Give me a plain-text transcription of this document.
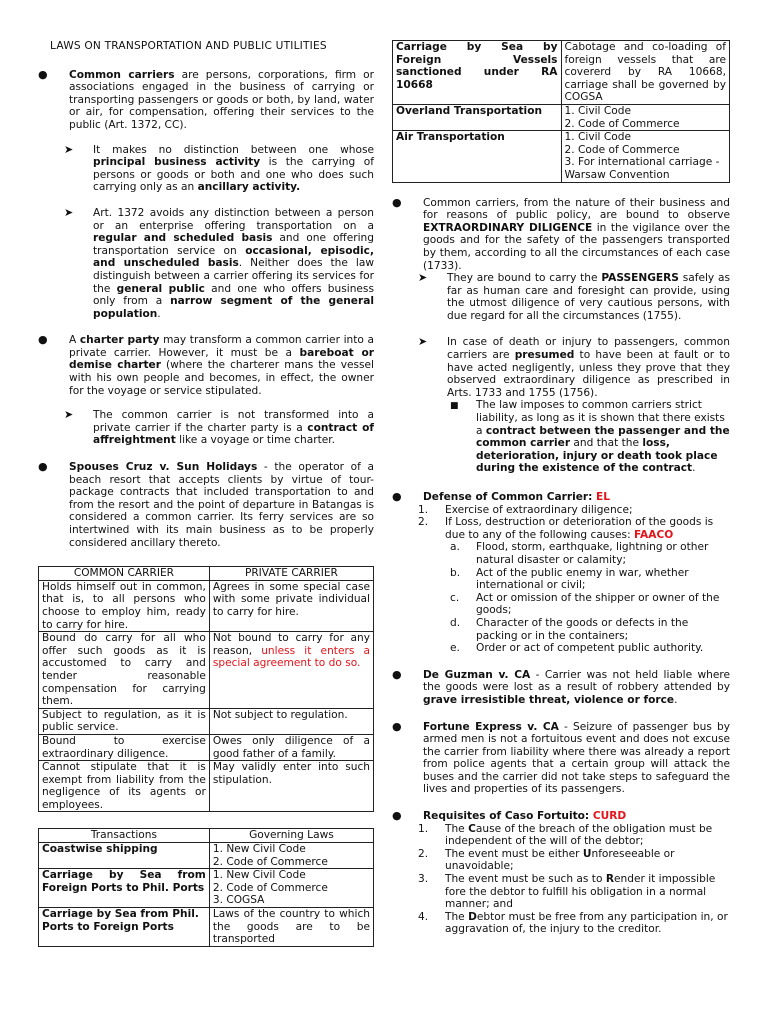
LAWS ON TRANSPORTATION AND PUBLIC UTILITIES
●
Common carriers are persons, corporations, firm or associations engaged in the business of carrying or transporting passengers or goods or both, by land, water or air, for compensation, offering their services to the public (Art. 1372, CC).
➤
It makes no distinction between one whose principal business activity is the carrying of persons or goods or both and one who does such carrying only as an ancillary activity.
➤
Art. 1372 avoids any distinction between a person or an enterprise offering transportation on a regular and scheduled basis and one offering transportation service on occasional, episodic, and unscheduled basis. Neither does the law distinguish between a carrier offering its services for the general public and one who offers business only from a narrow segment of the general population.
●
A charter party may transform a common carrier into a private carrier. However, it must be a bareboat or demise charter (where the charterer mans the vessel with his own people and becomes, in effect, the owner for the voyage or service stipulated.
➤
The common carrier is not transformed into a private carrier if the charter party is a contract of affreightment like a voyage or time charter.
●
Spouses Cruz v. Sun Holidays - the operator of a beach resort that accepts clients by virtue of tour-package contracts that included transportation to and from the resort and the point of departure in Batangas is considered a common carrier. Its ferry services are so intertwined with its main business as to be properly considered ancillary thereto.
COMMON CARRIER	PRIVATE CARRIER
Holds himself out in common, that is, to all persons who choose to employ him, ready to carry for hire.	Agrees in some special case with some private individual to carry for hire.
Bound do carry for all who offer such goods as it is accustomed to carry and tender reasonable compensation for carrying them.	Not bound to carry for any reason, unless it enters a special agreement to do so.
Subject to regulation, as it is public service.	Not subject to regulation.
Bound to exercise extraordinary diligence.	Owes only diligence of a good father of a family.
Cannot stipulate that it is exempt from liability from the negligence of its agents or employees.	May validly enter into such stipulation.
Transactions	Governing Laws
Coastwise shipping	1. New Civil Code
2. Code of Commerce

Carriage by Sea from Foreign Ports to Phil. Ports	1. New Civil Code
2. Code of Commerce
3. COGSA

Carriage by Sea from Phil. Ports to Foreign Ports	Laws of the country to which the goods are to be transported
Carriage by Sea by Foreign Vessels sanctioned under RA 10668	Cabotage and co-loading of foreign vessels that are covererd by RA 10668, carriage shall be governed by COGSA
Overland Transportation	1. Civil Code
2. Code of Commerce

Air Transportation	1. Civil Code
2. Code of Commerce
3. For international carriage - Warsaw Convention
●
Common carriers, from the nature of their business and for reasons of public policy, are bound to observe EXTRAORDINARY DILIGENCE in the vigilance over the goods and for the safety of the passengers transported by them, according to all the circumstances of each case (1733).
➤
They are bound to carry the PASSENGERS safely as far as human care and foresight can provide, using the utmost diligence of very cautious persons, with due regard for all the circumstances (1755).
➤
In case of death or injury to passengers, common carriers are presumed to have been at fault or to have acted negligently, unless they prove that they observed extraordinary diligence as prescribed in Arts. 1733 and 1755 (1756).
■
The law imposes to common carriers strict liability, as long as it is shown that there exists a contract between the passenger and the common carrier and that the loss, deterioration, injury or death took place during the existence of the contract.
●
Defense of Common Carrier: EL
1.	Exercise of extraordinary diligence;
2.	If Loss, destruction or deterioration of the goods is due to any of the following causes: FAACO
a.	Flood, storm, earthquake, lightning or other natural disaster or calamity;
b.	Act of the public enemy in war, whether international or civil;
c.	Act or omission of the shipper or owner of the goods;
d.	Character of the goods or defects in the packing or in the containers;
e.	Order or act of competent public authority.
●
De Guzman v. CA - Carrier was not held liable where the goods were lost as a result of robbery attended by grave irresistible threat, violence or force.
●
Fortune Express v. CA - Seizure of passenger bus by armed men is not a fortuitous event and does not excuse the carrier from liability where there was already a report from police agents that a certain group will attack the buses and the carrier did not take steps to safeguard the lives and properties of its passengers.
●
Requisites of Caso Fortuito: CURD
1.	The Cause of the breach of the obligation must be independent of the will of the debtor;
2.	The event must be either Unforeseeable or unavoidable;
3.	The event must be such as to Render it impossible fore the debtor to fulfill his obligation in a normal manner; and
4.	The Debtor must be free from any participation in, or aggravation of, the injury to the creditor.
